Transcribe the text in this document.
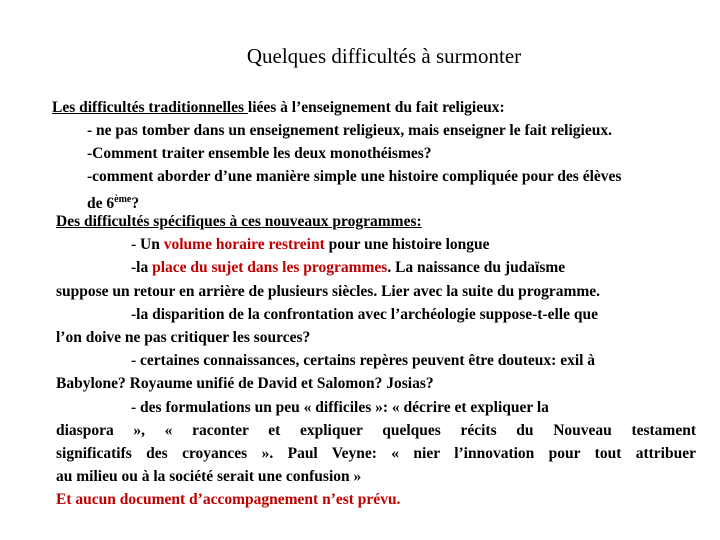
Quelques difficultés à surmonter

Les difficultés traditionnelles liées à l’enseignement du fait religieux:

- ne pas tomber dans un enseignement religieux, mais enseigner le fait religieux.

-Comment traiter ensemble les deux monothéismes?

-comment aborder d’une manière simple une histoire compliquée pour des élèves
de 6ème?

Des difficultés spécifiques à ces nouveaux programmes:

- Un volume horaire restreint pour une histoire longue

-la place du sujet dans les programmes. La naissance du judaïsme

suppose un retour en arrière de plusieurs siècles. Lier avec la suite du programme.

-la disparition de la confrontation avec l’archéologie suppose-t-elle que

l’on doive ne pas critiquer les sources?

- certaines connaissances, certains repères peuvent être douteux: exil à

Babylone? Royaume unifié de David et Salomon? Josias?

- des formulations un peu « difficiles »: « décrire et expliquer la

diaspora », « raconter et expliquer quelques récits du Nouveau testament
significatifs des croyances ». Paul Veyne: « nier l’innovation pour tout attribuer

au milieu ou à la société serait une confusion »

Et aucun document d’accompagnement n’est prévu.
